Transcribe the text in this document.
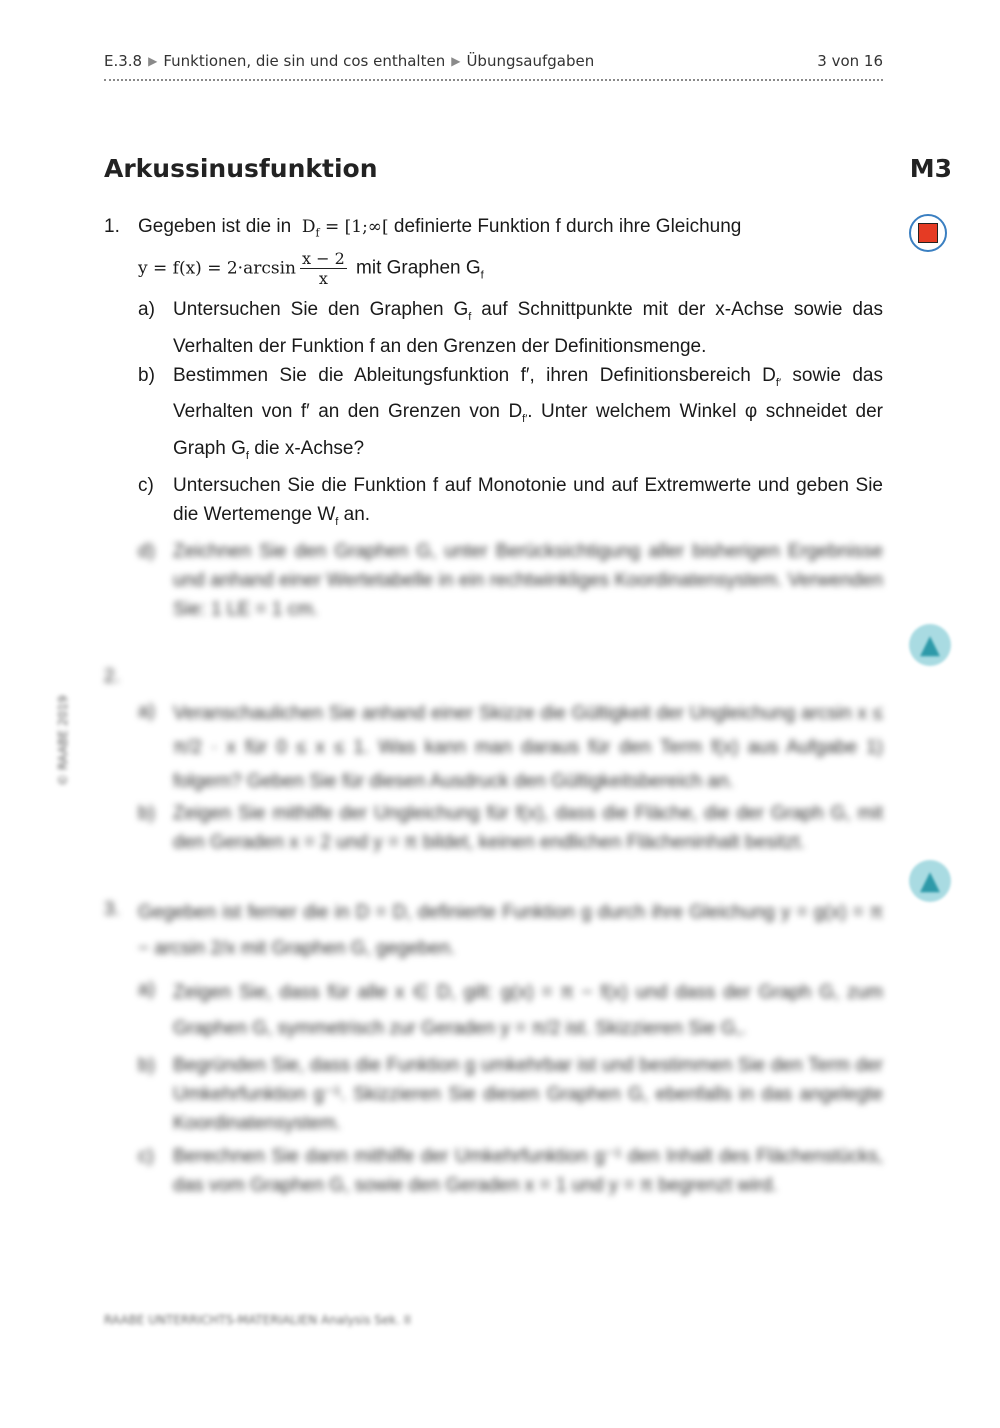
E.3.8 ▶ Funktionen, die sin und cos enthalten ▶ Übungsaufgaben	3 von 16
Arkussinusfunktion	M3
▲
▲
© RAABE 2019
1. Gegeben ist die in $D_f$ = [1;∞[ definierte Funktion f durch ihre Gleichung
$y = f(x) = 2\cdot\arcsin \frac{x - 2}{x}$ mit Graphen $G_f$
a) Untersuchen Sie den Graphen $G_f$ auf Schnittpunkte mit der x-Achse sowie das Verhalten der Funktion f an den Grenzen der Definitionsmenge.
b) Bestimmen Sie die Ableitungsfunktion f′, ihren Definitionsbereich $D_{f'}$ sowie das Verhalten von f′ an den Grenzen von $D_{f'}$. Unter welchem Winkel φ schneidet der Graph $G_f$ die x-Achse?
c)	Untersuchen Sie die Funktion f auf Monotonie und auf Extremwerte und geben Sie die Wertemenge $W_f$ an.
d) Zeichnen Sie den Graphen G, unter Berücksichtigung aller bisherigen Ergebnisse und anhand einer Wertetabelle in ein rechtwinkliges Koordinatensystem. Verwenden Sie: 1 LE = 1 cm.
2.
a) Veranschaulichen Sie anhand einer Skizze die Gültigkeit der Ungleichung arcsin x ≤ π/2 · x für 0 ≤ x ≤ 1. Was kann man daraus für den Term f(x) aus Aufgabe 1) folgern? Geben Sie für diesen Ausdruck den Gültigkeitsbereich an.
b) Zeigen Sie mithilfe der Ungleichung für f(x), dass die Fläche, die der Graph G, mit den Geraden x = 2 und y = π bildet, keinen endlichen Flächeninhalt besitzt.
3. Gegeben ist ferner die in D = D, definierte Funktion g durch ihre Gleichung y = g(x) = π − arcsin 2/x mit Graphen G, gegeben.
a) Zeigen Sie, dass für alle x ∈ D, gilt: g(x) = π − f(x) und dass der Graph G, zum Graphen G, symmetrisch zur Geraden y = π/2 ist. Skizzieren Sie G,.
b) Begründen Sie, dass die Funktion g umkehrbar ist und bestimmen Sie den Term der Umkehrfunktion g⁻¹. Skizzieren Sie diesen Graphen G, ebenfalls in das angelegte Koordinatensystem.
c)	Berechnen Sie dann mithilfe der Umkehrfunktion g⁻¹ den Inhalt des Flächenstücks, das vom Graphen G, sowie den Geraden x = 1 und y = π begrenzt wird.
RAABE UNTERRICHTS-MATERIALIEN Analysis Sek. II
